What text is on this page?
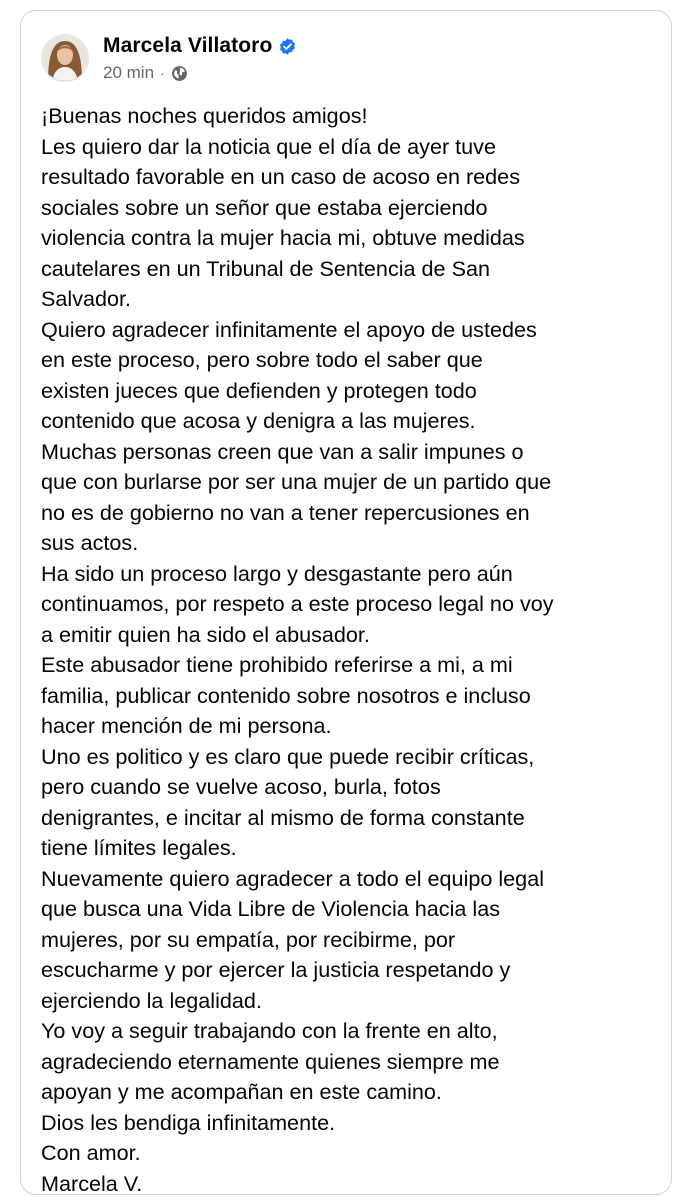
Marcela Villatoro
20 min ·
¡Buenas noches queridos amigos!
Les quiero dar la noticia que el día de ayer tuve
resultado favorable en un caso de acoso en redes
sociales sobre un señor que estaba ejerciendo
violencia contra la mujer hacia mi, obtuve medidas
cautelares en un Tribunal de Sentencia de San
Salvador.
Quiero agradecer infinitamente el apoyo de ustedes
en este proceso, pero sobre todo el saber que
existen jueces que defienden y protegen todo
contenido que acosa y denigra a las mujeres.
Muchas personas creen que van a salir impunes o
que con burlarse por ser una mujer de un partido que
no es de gobierno no van a tener repercusiones en
sus actos.
Ha sido un proceso largo y desgastante pero aún
continuamos, por respeto a este proceso legal no voy
a emitir quien ha sido el abusador.
Este abusador tiene prohibido referirse a mi, a mi
familia, publicar contenido sobre nosotros e incluso
hacer mención de mi persona.
Uno es politico y es claro que puede recibir críticas,
pero cuando se vuelve acoso, burla, fotos
denigrantes, e incitar al mismo de forma constante
tiene límites legales.
Nuevamente quiero agradecer a todo el equipo legal
que busca una Vida Libre de Violencia hacia las
mujeres, por su empatía, por recibirme, por
escucharme y por ejercer la justicia respetando y
ejerciendo la legalidad.
Yo voy a seguir trabajando con la frente en alto,
agradeciendo eternamente quienes siempre me
apoyan y me acompañan en este camino.
Dios les bendiga infinitamente.
Con amor.
Marcela V.
